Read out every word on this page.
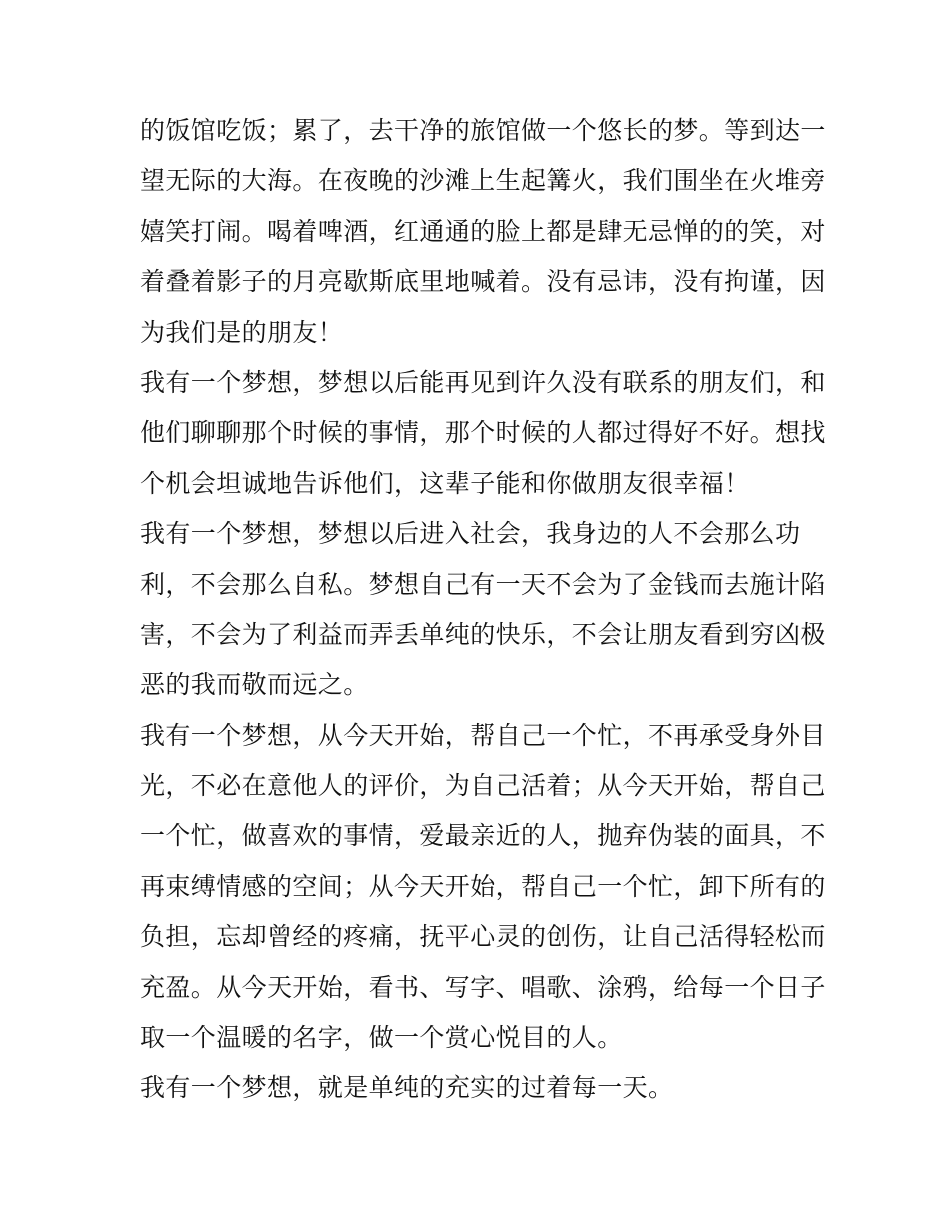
的饭馆吃饭；累了，去干净的旅馆做一个悠长的梦。等到达一
望无际的大海。在夜晚的沙滩上生起篝火，我们围坐在火堆旁
嬉笑打闹。喝着啤酒，红通通的脸上都是肆无忌惮的的笑，对
着叠着影子的月亮歇斯底里地喊着。没有忌讳，没有拘谨，因
为我们是的朋友！
我有一个梦想，梦想以后能再见到许久没有联系的朋友们，和
他们聊聊那个时候的事情，那个时候的人都过得好不好。想找
个机会坦诚地告诉他们，这辈子能和你做朋友很幸福！
我有一个梦想，梦想以后进入社会，我身边的人不会那么功
利，不会那么自私。梦想自己有一天不会为了金钱而去施计陷
害，不会为了利益而弄丢单纯的快乐，不会让朋友看到穷凶极
恶的我而敬而远之。
我有一个梦想，从今天开始，帮自己一个忙，不再承受身外目
光，不必在意他人的评价，为自己活着；从今天开始，帮自己
一个忙，做喜欢的事情，爱最亲近的人，抛弃伪装的面具，不
再束缚情感的空间；从今天开始，帮自己一个忙，卸下所有的
负担，忘却曾经的疼痛，抚平心灵的创伤，让自己活得轻松而
充盈。从今天开始，看书、写字、唱歌、涂鸦，给每一个日子
取一个温暖的名字，做一个赏心悦目的人。
我有一个梦想，就是单纯的充实的过着每一天。
